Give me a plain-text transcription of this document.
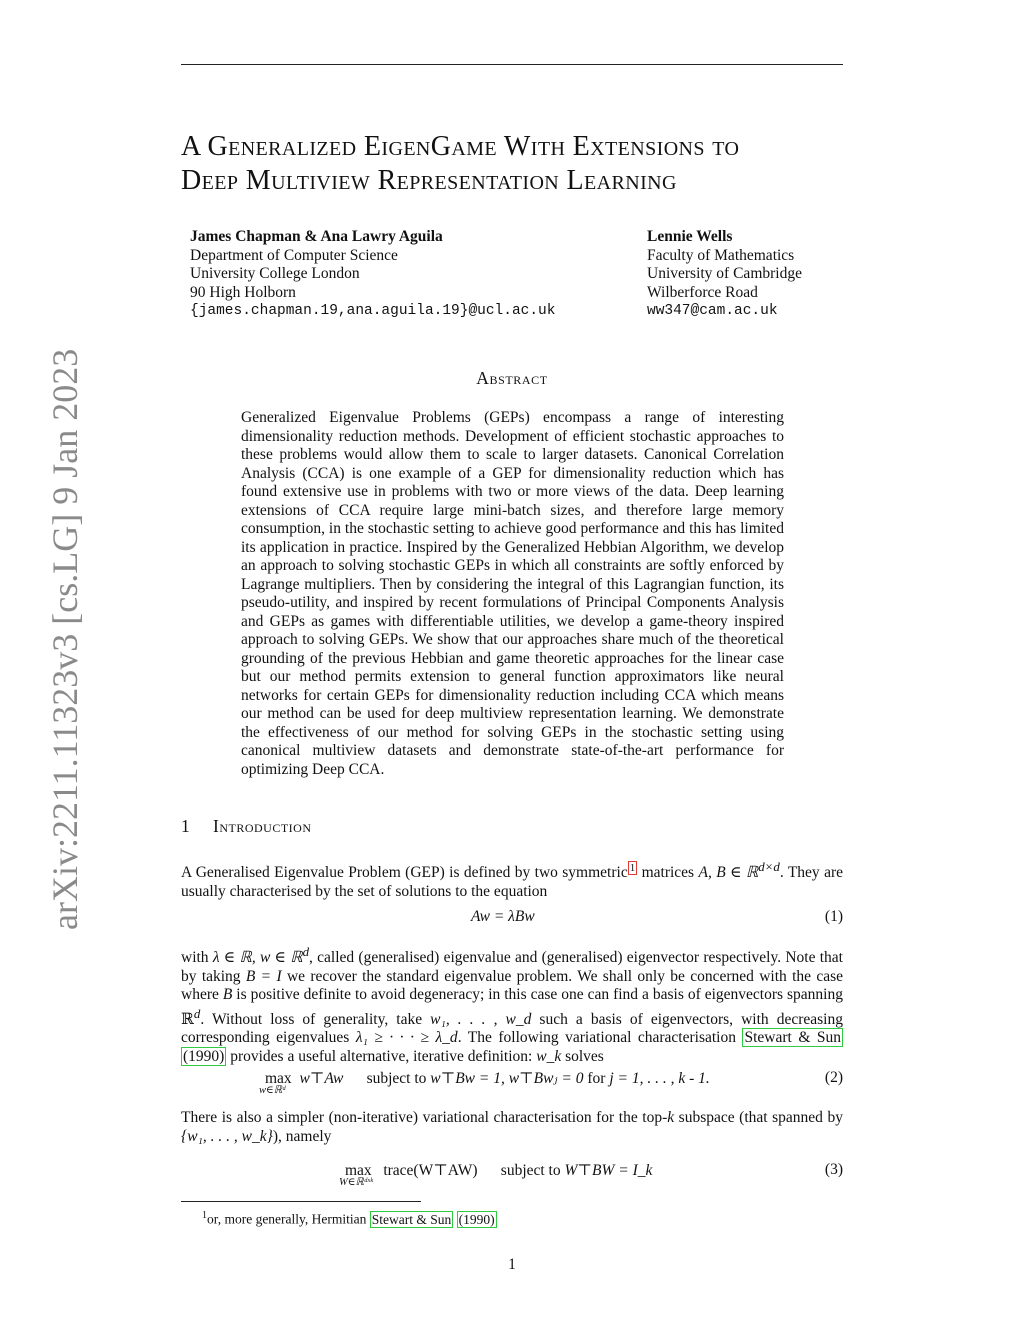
arXiv:2211.11323v3 [cs.LG] 9 Jan 2023
A Generalized EigenGame With Extensions to
Deep Multiview Representation Learning
James Chapman & Ana Lawry Aguila
Department of Computer Science
University College London
90 High Holborn
{james.chapman.19,ana.aguila.19}@ucl.ac.uk
Lennie Wells
Faculty of Mathematics
University of Cambridge
Wilberforce Road
ww347@cam.ac.uk
Abstract
Generalized Eigenvalue Problems (GEPs) encompass a range of interesting dimensionality reduction methods. Development of efficient stochastic approaches to these problems would allow them to scale to larger datasets. Canonical Correlation Analysis (CCA) is one example of a GEP for dimensionality reduction which has found extensive use in problems with two or more views of the data. Deep learning extensions of CCA require large mini-batch sizes, and therefore large memory consumption, in the stochastic setting to achieve good performance and this has limited its application in practice. Inspired by the Generalized Hebbian Algorithm, we develop an approach to solving stochastic GEPs in which all constraints are softly enforced by Lagrange multipliers. Then by considering the integral of this Lagrangian function, its pseudo-utility, and inspired by recent formulations of Principal Components Analysis and GEPs as games with differentiable utilities, we develop a game-theory inspired approach to solving GEPs. We show that our approaches share much of the theoretical grounding of the previous Hebbian and game theoretic approaches for the linear case but our method permits extension to general function approximators like neural networks for certain GEPs for dimensionality reduction including CCA which means our method can be used for deep multiview representation learning. We demonstrate the effectiveness of our method for solving GEPs in the stochastic setting using canonical multiview datasets and demonstrate state-of-the-art performance for optimizing Deep CCA.
1 Introduction
A Generalised Eigenvalue Problem (GEP) is defined by two symmetric $^1$ matrices A, B ∈ ℝ$^{d\times d}$. They are usually characterised by the set of solutions to the equation
Aw = λBw	(1)
with λ ∈ ℝ, w ∈ ℝ$^d$, called (generalised) eigenvalue and (generalised) eigenvector respectively. Note that by taking B = I we recover the standard eigenvalue problem. We shall only be concerned with the case where B is positive definite to avoid degeneracy; in this case one can find a basis of eigenvectors spanning ℝ$^d$. Without loss of generality, take w₁, . . . , w_d such a basis of eigenvectors, with decreasing corresponding eigenvalues λ₁ ≥ · · · ≥ λ_d. The following variational characterisation Stewart & Sun (1990) provides a useful alternative, iterative definition: w_k solves
max
w∈ℝᵈ
w⊤Aw subject to w⊤Bw = 1, w⊤Bwⱼ = 0 for j = 1, . . . , k - 1.	(2)
There is also a simpler (non-iterative) variational characterisation for the top-k subspace (that spanned by {w₁, . . . , w_k}), namely
max
W∈ℝᵈˣᵏ
trace(W⊤AW) subject to W⊤BW = I_k	(3)
$^1$or, more generally, Hermitian Stewart & Sun (1990)
1
